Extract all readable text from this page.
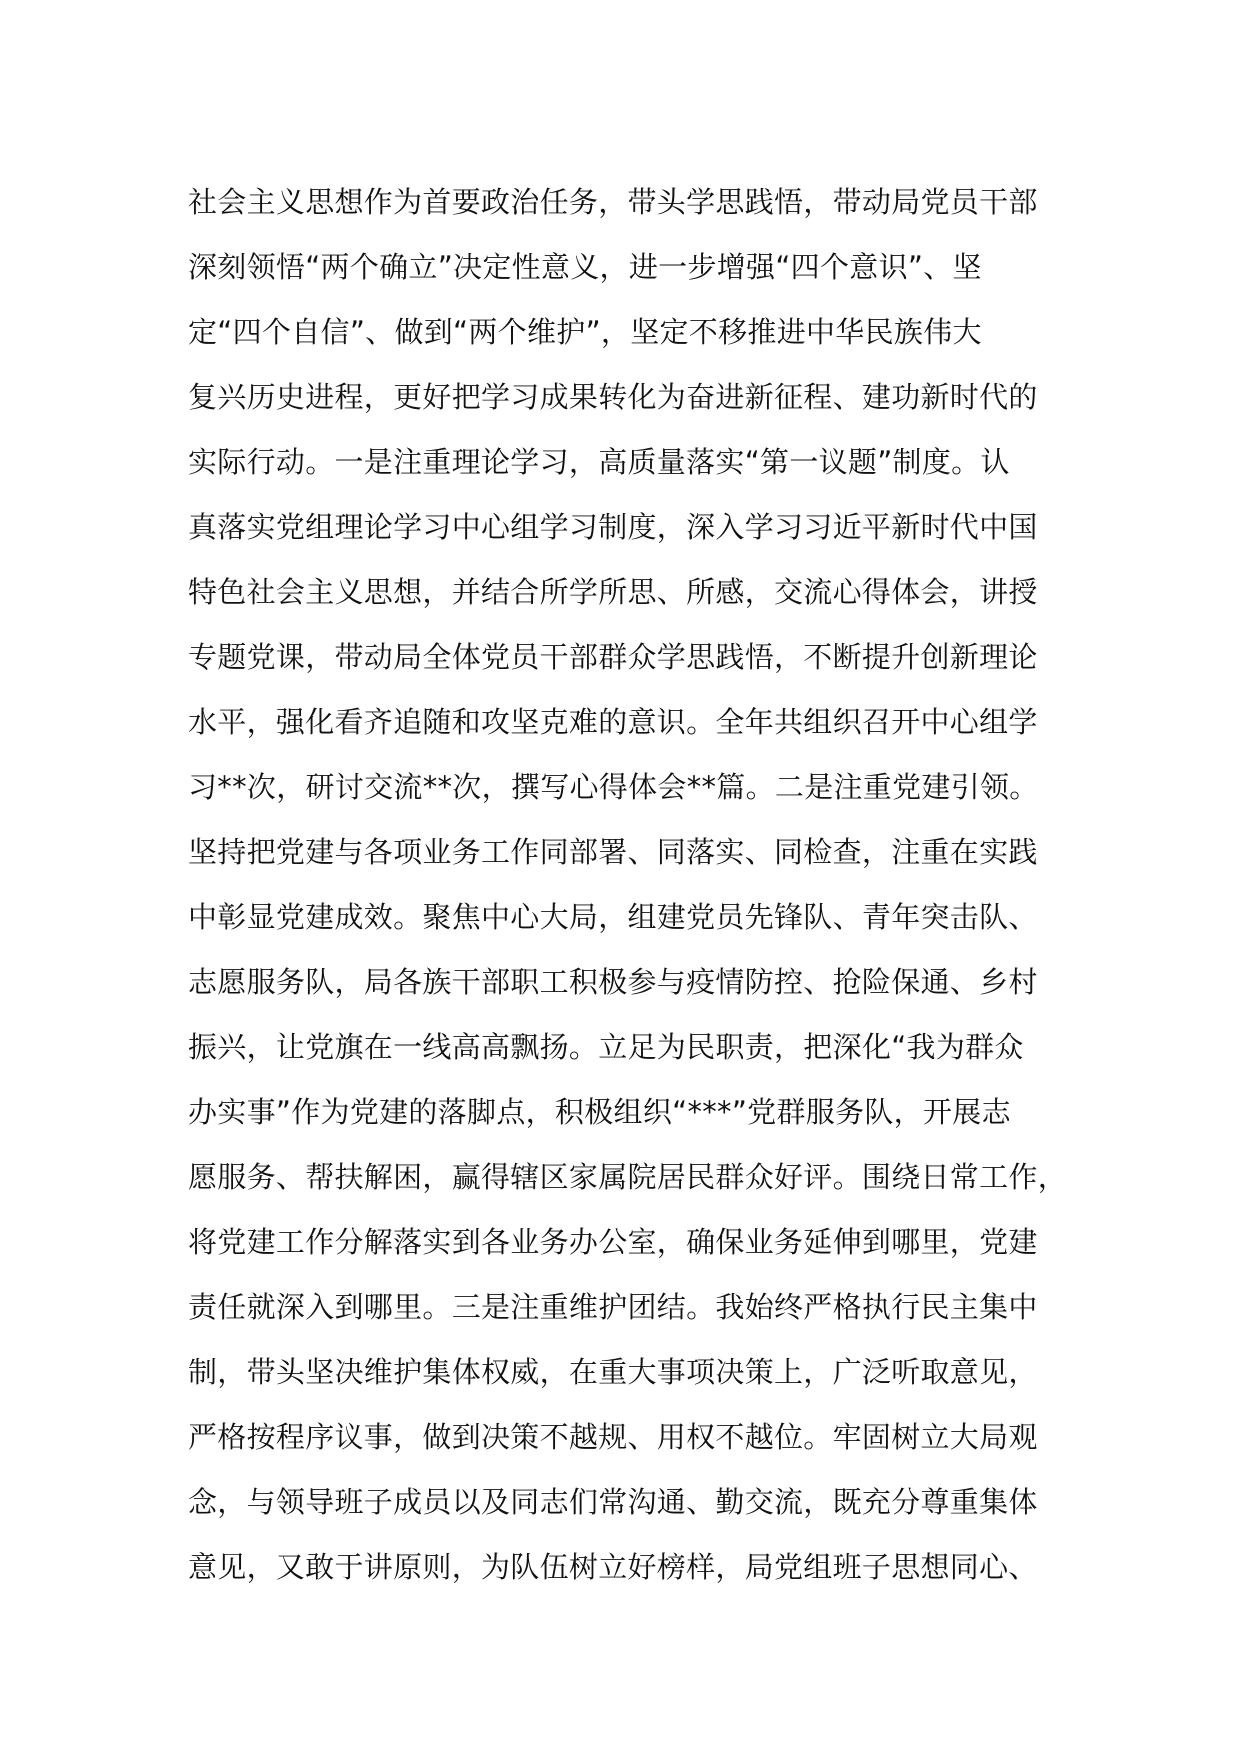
社会主义思想作为首要政治任务，带头学思践悟，带动局党员干部
深刻领悟“两个确立”决定性意义，进一步增强“四个意识”、坚
定“四个自信”、做到“两个维护”，坚定不移推进中华民族伟大
复兴历史进程，更好把学习成果转化为奋进新征程、建功新时代的
实际行动。一是注重理论学习，高质量落实“第一议题”制度。认
真落实党组理论学习中心组学习制度，深入学习习近平新时代中国
特色社会主义思想，并结合所学所思、所感，交流心得体会，讲授
专题党课，带动局全体党员干部群众学思践悟，不断提升创新理论
水平，强化看齐追随和攻坚克难的意识。全年共组织召开中心组学
习**次，研讨交流**次，撰写心得体会**篇。二是注重党建引领。
坚持把党建与各项业务工作同部署、同落实、同检查，注重在实践
中彰显党建成效。聚焦中心大局，组建党员先锋队、青年突击队、
志愿服务队，局各族干部职工积极参与疫情防控、抢险保通、乡村
振兴，让党旗在一线高高飘扬。立足为民职责，把深化“我为群众
办实事”作为党建的落脚点，积极组织“***”党群服务队，开展志
愿服务、帮扶解困，赢得辖区家属院居民群众好评。围绕日常工作，
将党建工作分解落实到各业务办公室，确保业务延伸到哪里，党建
责任就深入到哪里。三是注重维护团结。我始终严格执行民主集中
制，带头坚决维护集体权威，在重大事项决策上，广泛听取意见，
严格按程序议事，做到决策不越规、用权不越位。牢固树立大局观
念，与领导班子成员以及同志们常沟通、勤交流，既充分尊重集体
意见，又敢于讲原则，为队伍树立好榜样，局党组班子思想同心、
